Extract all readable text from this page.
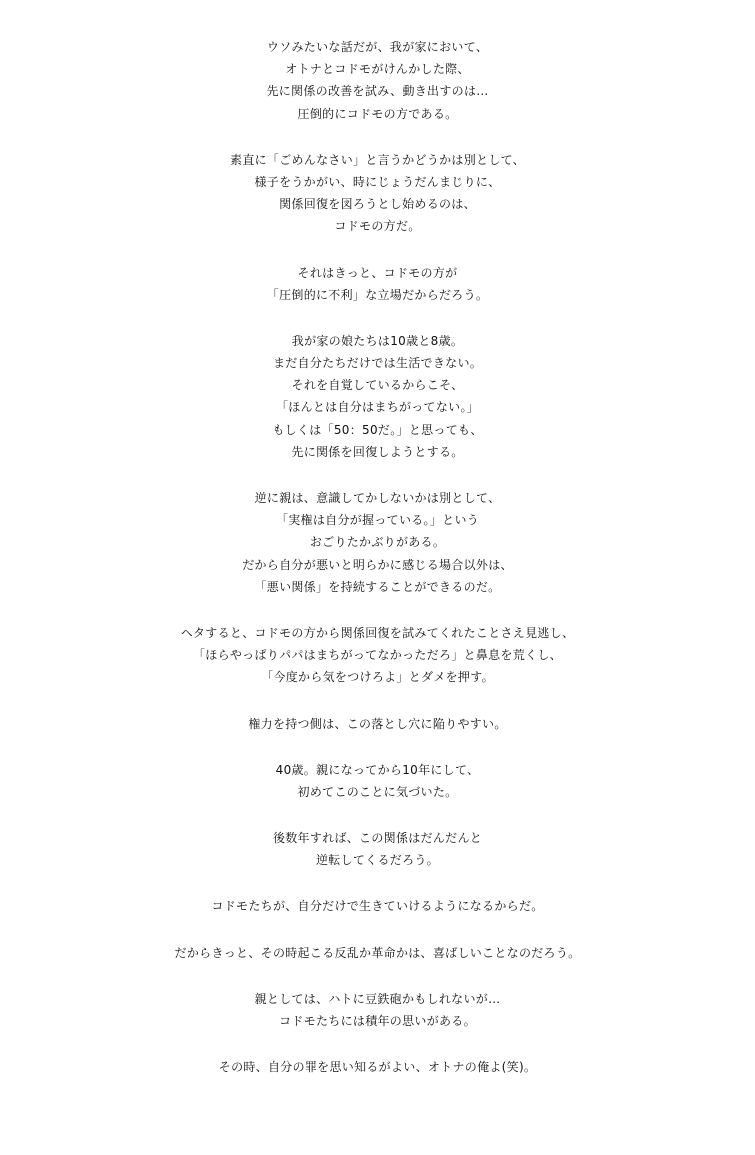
ウソみたいな話だが、我が家において、
オトナとコドモがけんかした際、
先に関係の改善を試み、動き出すのは…
圧倒的にコドモの方である。
素直に「ごめんなさい」と言うかどうかは別として、
様子をうかがい、時にじょうだんまじりに、
関係回復を図ろうとし始めるのは、
コドモの方だ。
それはきっと、コドモの方が
「圧倒的に不利」な立場だからだろう。
我が家の娘たちは10歳と8歳。
まだ自分たちだけでは生活できない。
それを自覚しているからこそ、
「ほんとは自分はまちがってない。」
もしくは「50：50だ。」と思っても、
先に関係を回復しようとする。
逆に親は、意識してかしないかは別として、
「実権は自分が握っている。」という
おごりたかぶりがある。
だから自分が悪いと明らかに感じる場合以外は、
「悪い関係」を持続することができるのだ。
ヘタすると、コドモの方から関係回復を試みてくれたことさえ見逃し、
「ほらやっぱりパパはまちがってなかっただろ」と鼻息を荒くし、
「今度から気をつけろよ」とダメを押す。
権力を持つ側は、この落とし穴に陥りやすい。
40歳。親になってから10年にして、
初めてこのことに気づいた。
後数年すれば、この関係はだんだんと
逆転してくるだろう。
コドモたちが、自分だけで生きていけるようになるからだ。
だからきっと、その時起こる反乱か革命かは、喜ばしいことなのだろう。
親としては、ハトに豆鉄砲かもしれないが…
コドモたちには積年の思いがある。
その時、自分の罪を思い知るがよい、オトナの俺よ(笑)。
